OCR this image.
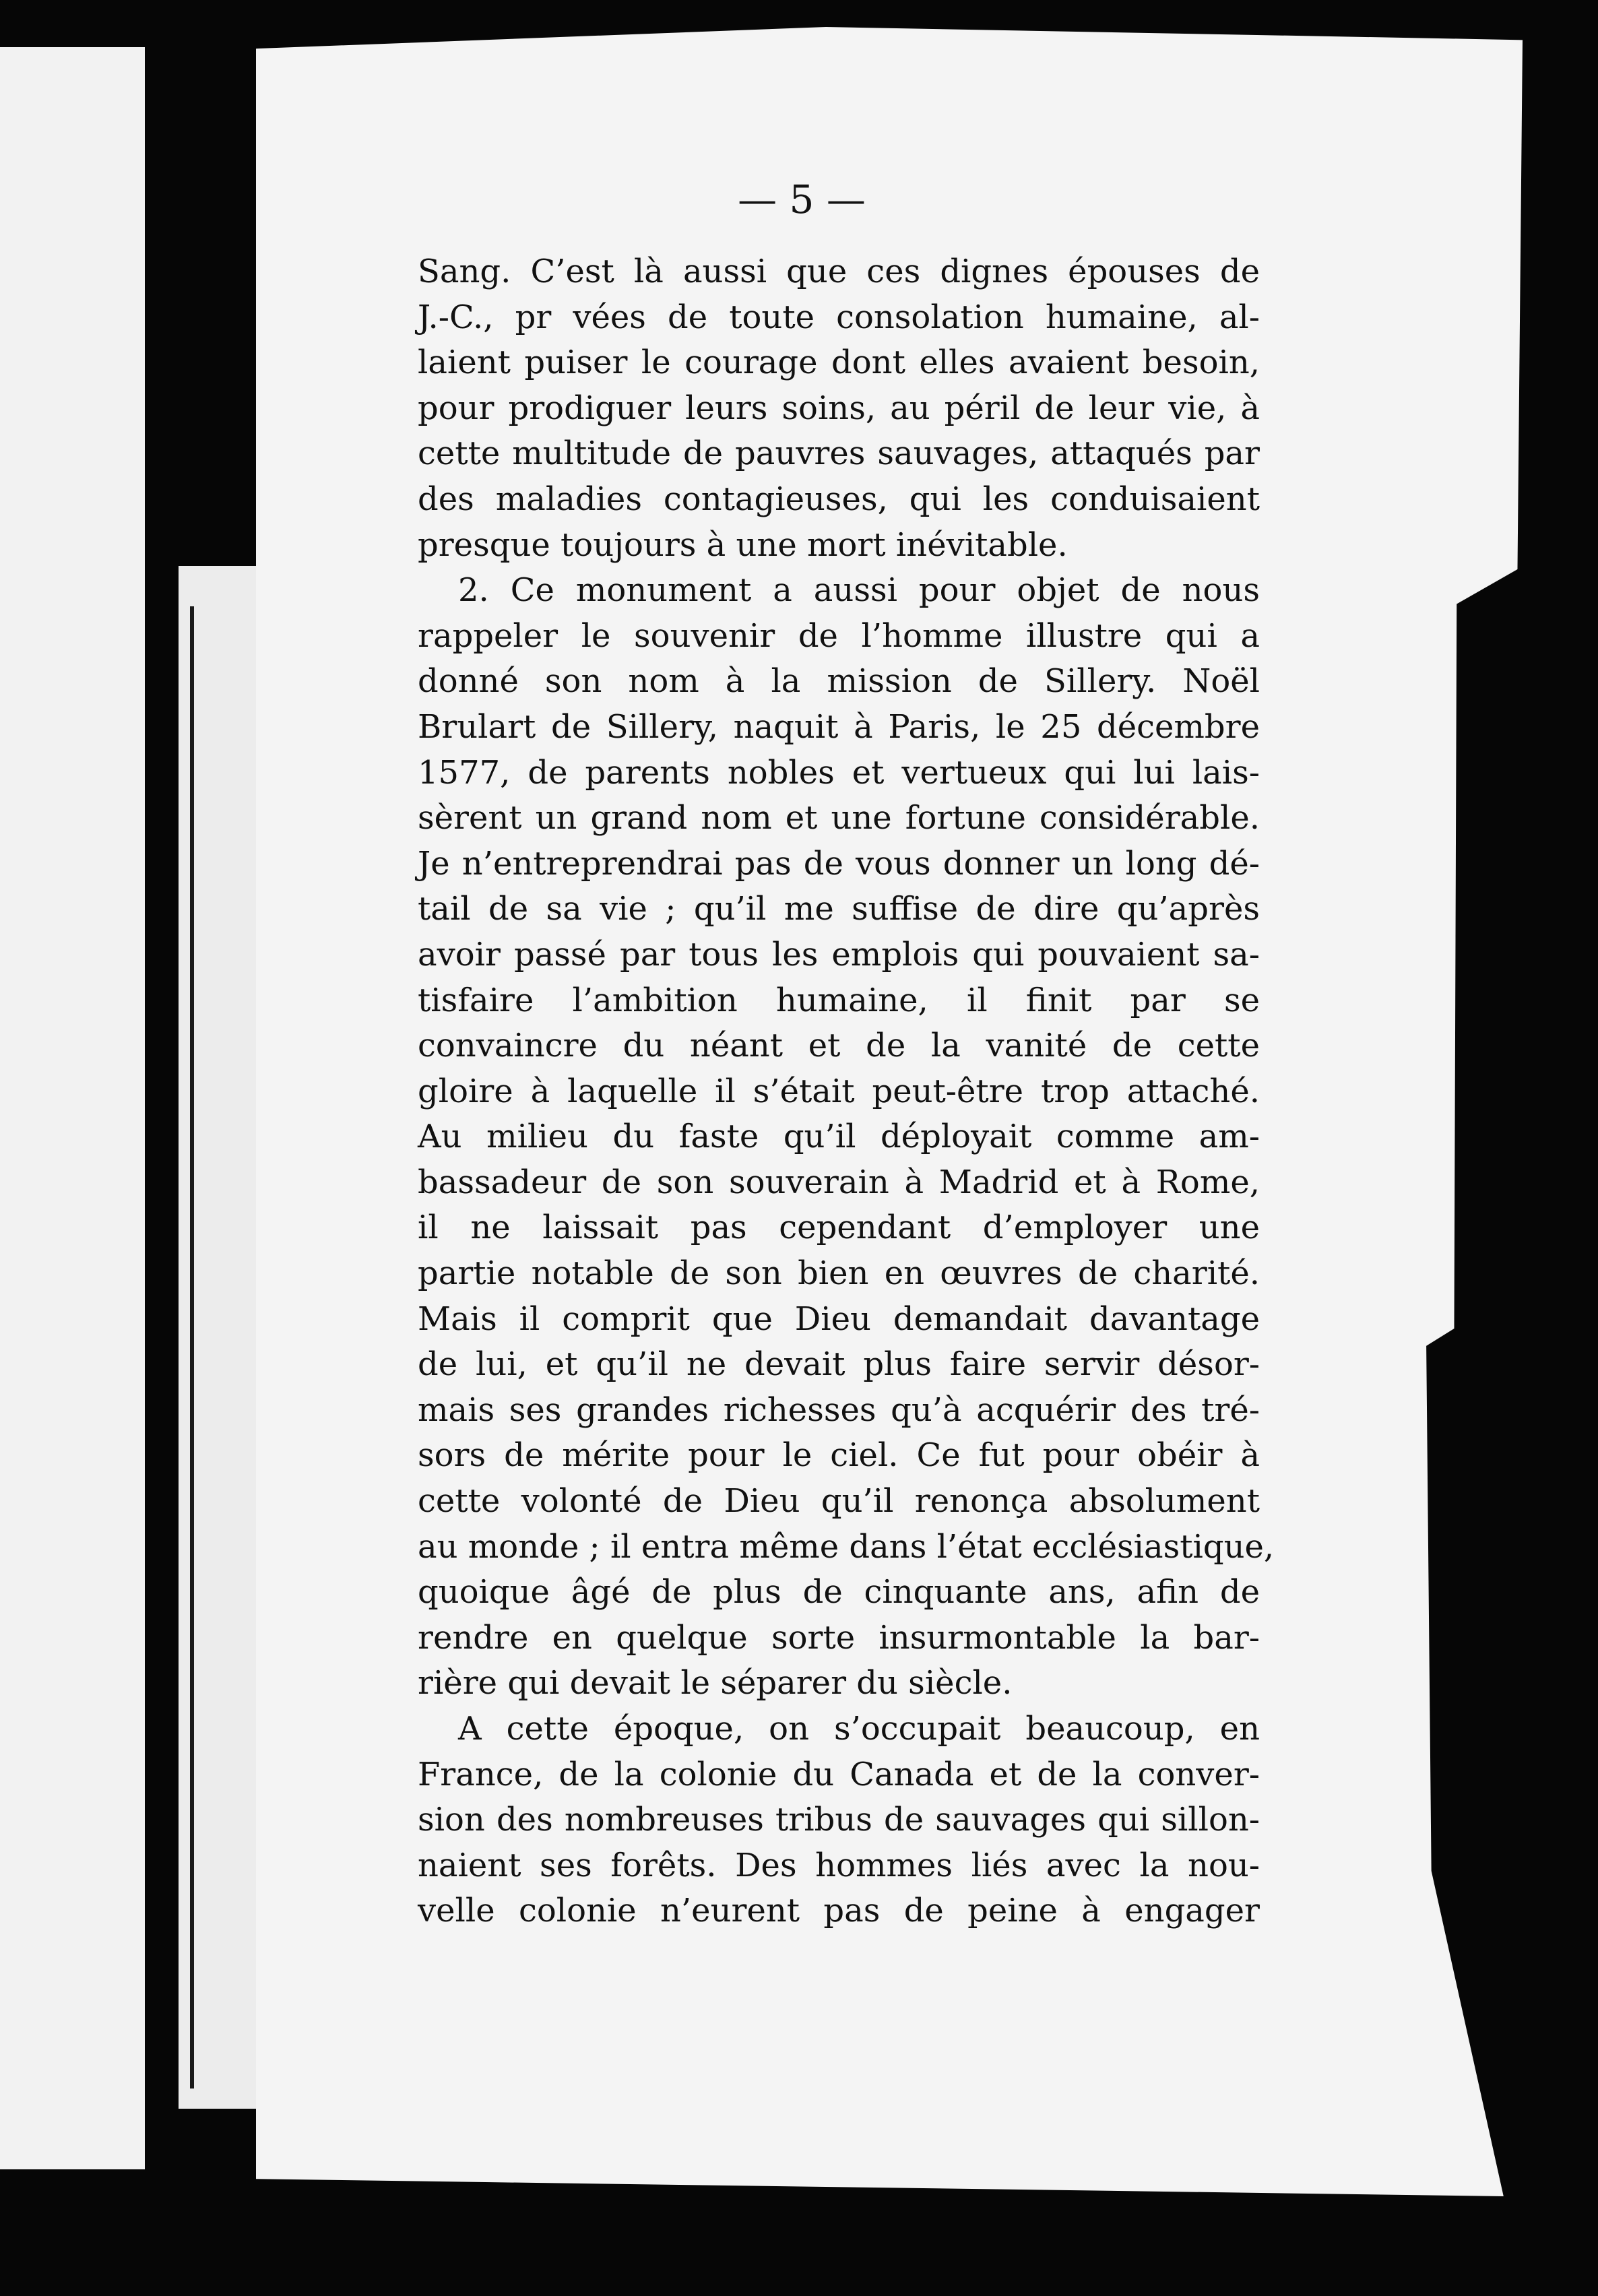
— 5 —
Sang. C’est là aussi que ces dignes épouses de
J.-C., pr vées de toute consolation humaine, al-
laient puiser le courage dont elles avaient besoin,
pour prodiguer leurs soins, au péril de leur vie, à
cette multitude de pauvres sauvages, attaqués par
des maladies contagieuses, qui les conduisaient
presque toujours à une mort inévitable.
2. Ce monument a aussi pour objet de nous
rappeler le souvenir de l’homme illustre qui a
donné son nom à la mission de Sillery. Noël
Brulart de Sillery, naquit à Paris, le 25 décembre
1577, de parents nobles et vertueux qui lui lais-
sèrent un grand nom et une fortune considérable.
Je n’entreprendrai pas de vous donner un long dé-
tail de sa vie ; qu’il me suffise de dire qu’après
avoir passé par tous les emplois qui pouvaient sa-
tisfaire l’ambition humaine, il finit par se
convaincre du néant et de la vanité de cette
gloire à laquelle il s’était peut-être trop attaché.
Au milieu du faste qu’il déployait comme am-
bassadeur de son souverain à Madrid et à Rome,
il ne laissait pas cependant d’employer une
partie notable de son bien en œuvres de charité.
Mais il comprit que Dieu demandait davantage
de lui, et qu’il ne devait plus faire servir désor-
mais ses grandes richesses qu’à acquérir des tré-
sors de mérite pour le ciel. Ce fut pour obéir à
cette volonté de Dieu qu’il renonça absolument
au monde ; il entra même dans l’état ecclésiastique,
quoique âgé de plus de cinquante ans, afin de
rendre en quelque sorte insurmontable la bar-
rière qui devait le séparer du siècle.
A cette époque, on s’occupait beaucoup, en
France, de la colonie du Canada et de la conver-
sion des nombreuses tribus de sauvages qui sillon-
naient ses forêts. Des hommes liés avec la nou-
velle colonie n’eurent pas de peine à engager
